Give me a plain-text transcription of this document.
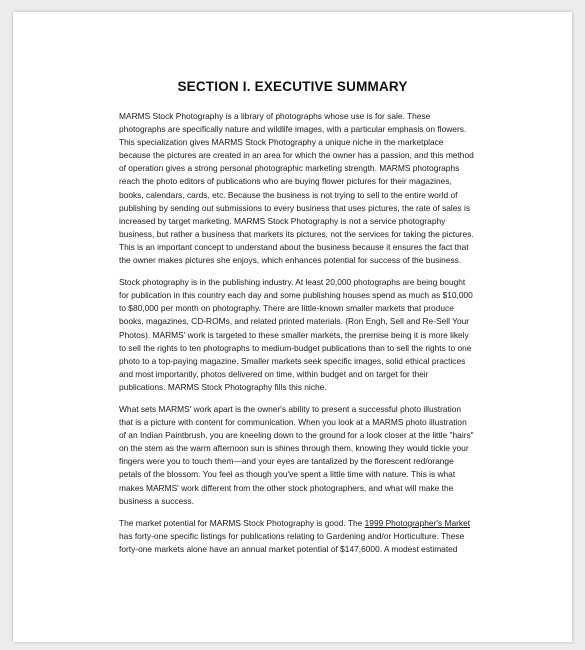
SECTION I. EXECUTIVE SUMMARY

MARMS Stock Photography is a library of photographs whose use is for sale. These
photographs are specifically nature and wildlife images, with a particular emphasis on flowers.
This specialization gives MARMS Stock Photography a unique niche in the marketplace
because the pictures are created in an area for which the owner has a passion, and this method
of operation gives a strong personal photographic marketing strength. MARMS photographs
reach the photo editors of publications who are buying flower pictures for their magazines,
books, calendars, cards, etc. Because the business is not trying to sell to the entire world of
publishing by sending out submissions to every business that uses pictures, the rate of sales is
increased by target marketing. MARMS Stock Photography is not a service photography
business, but rather a business that markets its pictures, not the services for taking the pictures.
This is an important concept to understand about the business because it ensures the fact that
the owner makes pictures she enjoys, which enhances potential for success of the business.

Stock photography is in the publishing industry. At least 20,000 photographs are being bought
for publication in this country each day and some publishing houses spend as much as $10,000
to $80,000 per month on photography. There are little-known smaller markets that produce
books, magazines, CD-ROMs, and related printed materials. (Ron Engh, Sell and Re-Sell Your
Photos). MARMS' work is targeted to these smaller markets, the premise being it is more likely
to sell the rights to ten photographs to medium-budget publications than to sell the rights to one
photo to a top-paying magazine. Smaller markets seek specific images, solid ethical practices
and most importantly, photos delivered on time, within budget and on target for their
publications. MARMS Stock Photography fills this niche.

What sets MARMS' work apart is the owner's ability to present a successful photo illustration
that is a picture with content for communication. When you look at a MARMS photo illustration
of an Indian Paintbrush, you are kneeling down to the ground for a look closer at the little "hairs"
on the stem as the warm afternoon sun is shines through them, knowing they would tickle your
fingers were you to touch them—and your eyes are tantalized by the florescent red/orange
petals of the blossom. You feel as though you've spent a little time with nature. This is what
makes MARMS' work different from the other stock photographers, and what will make the
business a success.

The market potential for MARMS Stock Photography is good. The 1999 Photographer's Market
has forty-one specific listings for publications relating to Gardening and/or Horticulture. These
forty-one markets alone have an annual market potential of $147,6000. A modest estimated
